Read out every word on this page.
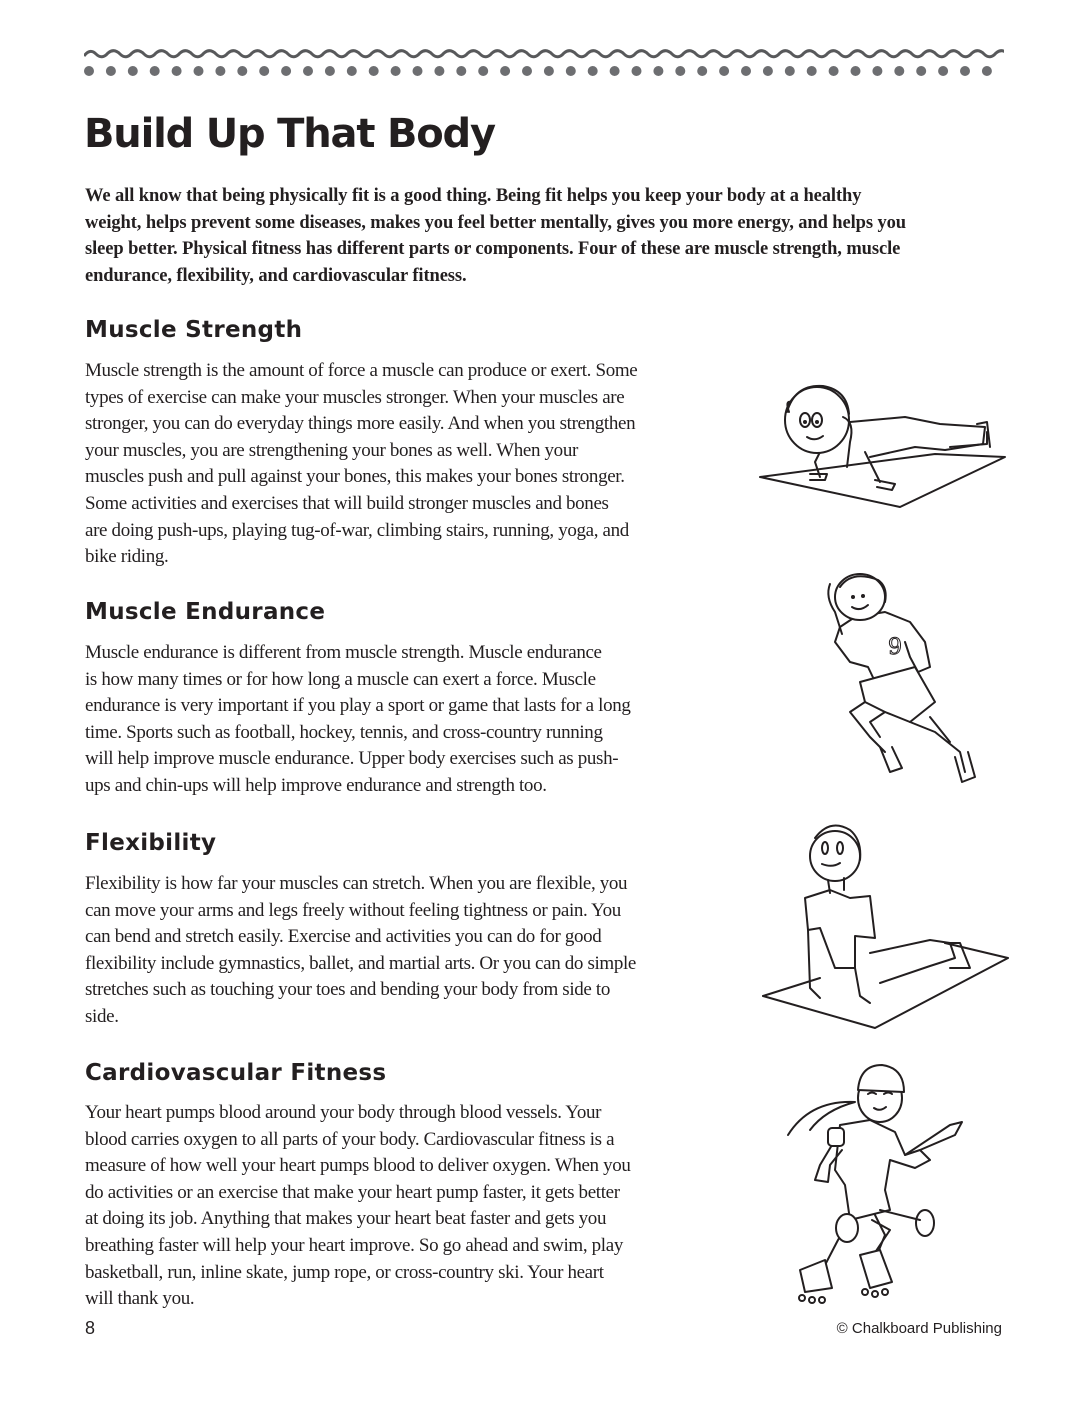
Build Up That Body

We all know that being physically fit is a good thing. Being fit helps you keep your body at a healthy
weight, helps prevent some diseases, makes you feel better mentally, gives you more energy, and helps you
sleep better. Physical fitness has different parts or components. Four of these are muscle strength, muscle
endurance, flexibility, and cardiovascular fitness.

Muscle Strength

Muscle strength is the amount of force a muscle can produce or exert. Some
types of exercise can make your muscles stronger. When your muscles are
stronger, you can do everyday things more easily. And when you strengthen
your muscles, you are strengthening your bones as well. When your
muscles push and pull against your bones, this makes your bones stronger.
Some activities and exercises that will build stronger muscles and bones
are doing push-ups, playing tug-of-war, climbing stairs, running, yoga, and
bike riding.

Muscle Endurance

Muscle endurance is different from muscle strength. Muscle endurance
is how many times or for how long a muscle can exert a force. Muscle
endurance is very important if you play a sport or game that lasts for a long
time. Sports such as football, hockey, tennis, and cross-country running
will help improve muscle endurance. Upper body exercises such as push-
ups and chin-ups will help improve endurance and strength too.

9
Flexibility

Flexibility is how far your muscles can stretch. When you are flexible, you
can move your arms and legs freely without feeling tightness or pain. You
can bend and stretch easily. Exercise and activities you can do for good
flexibility include gymnastics, ballet, and martial arts. Or you can do simple
stretches such as touching your toes and bending your body from side to
side.

Cardiovascular Fitness

Your heart pumps blood around your body through blood vessels. Your
blood carries oxygen to all parts of your body. Cardiovascular fitness is a
measure of how well your heart pumps blood to deliver oxygen. When you
do activities or an exercise that make your heart pump faster, it gets better
at doing its job. Anything that makes your heart beat faster and gets you
breathing faster will help your heart improve. So go ahead and swim, play
basketball, run, inline skate, jump rope, or cross-country ski. Your heart
will thank you.

8	© Chalkboard Publishing
